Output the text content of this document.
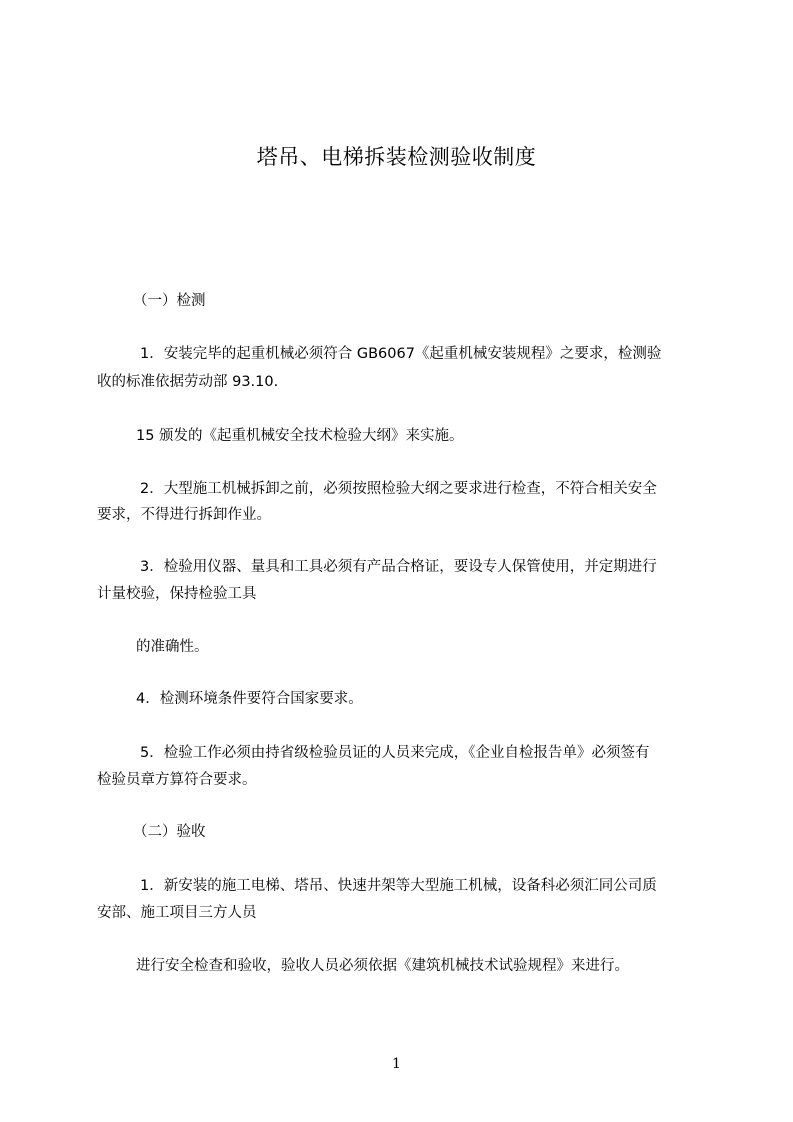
塔吊、电梯拆装检测验收制度

（一）检测

1．安装完毕的起重机械必须符合 GB6067《起重机械安装规程》之要求，检测验

收的标准依据劳动部 93.10.

15 颁发的《起重机械安全技术检验大纲》来实施。

2．大型施工机械拆卸之前，必须按照检验大纲之要求进行检查，不符合相关安全

要求，不得进行拆卸作业。

3．检验用仪器、量具和工具必须有产品合格证，要设专人保管使用，并定期进行

计量校验，保持检验工具

的准确性。

4．检测环境条件要符合国家要求。

5．检验工作必须由持省级检验员证的人员来完成，《企业自检报告单》必须签有

检验员章方算符合要求。

（二）验收

1．新安装的施工电梯、塔吊、快速井架等大型施工机械，设备科必须汇同公司质

安部、施工项目三方人员

进行安全检查和验收，验收人员必须依据《建筑机械技术试验规程》来进行。

1
